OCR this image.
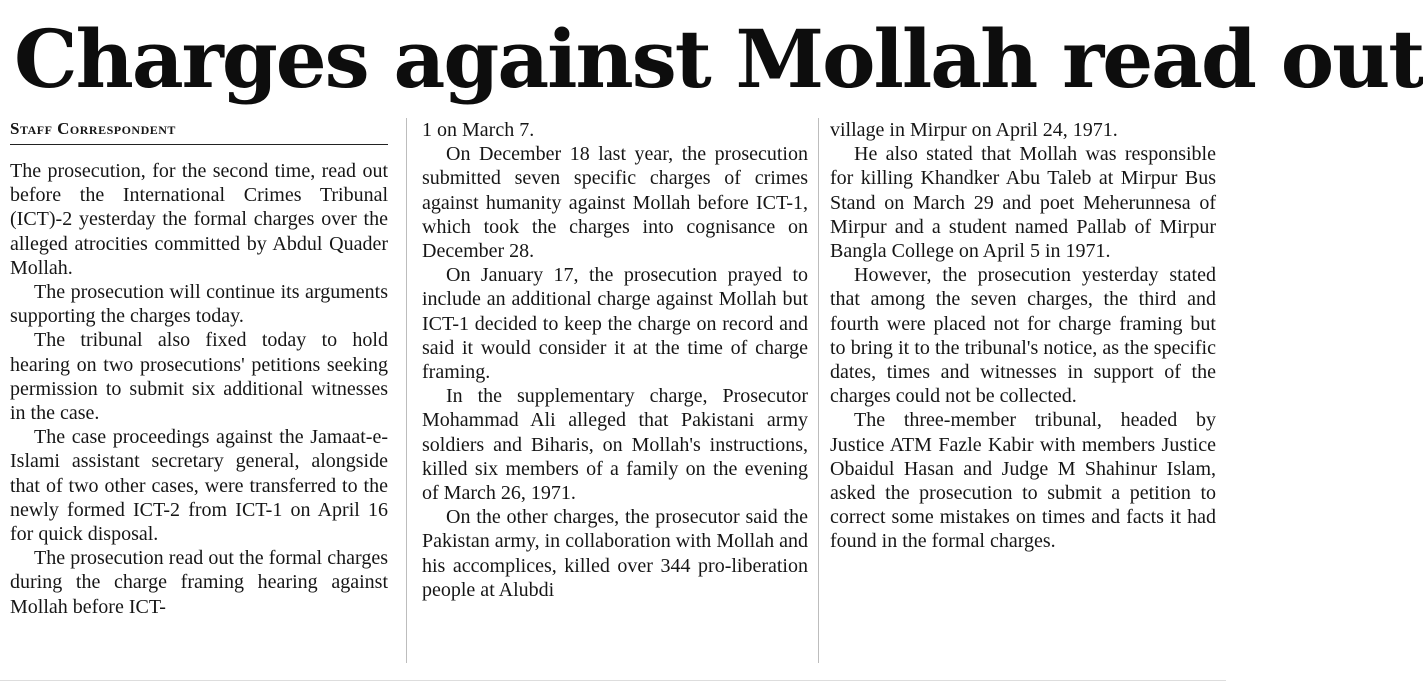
Charges against Mollah read out
Staff Correspondent

The prosecution, for the second time, read out before the International Crimes Tribunal (ICT)-2 yesterday the formal charges over the alleged atrocities committed by Abdul Quader Mollah.

The prosecution will continue its arguments supporting the charges today.

The tribunal also fixed today to hold hearing on two prosecutions' petitions seeking permission to submit six additional witnesses in the case.

The case proceedings against the Jamaat-e-Islami assistant secretary general, alongside that of two other cases, were transferred to the newly formed ICT-2 from ICT-1 on April 16 for quick disposal.

The prosecution read out the formal charges during the charge framing hearing against Mollah before ICT-

1 on March 7.

On December 18 last year, the prosecution submitted seven specific charges of crimes against humanity against Mollah before ICT-1, which took the charges into cognisance on December 28.

On January 17, the prosecution prayed to include an additional charge against Mollah but ICT-1 decided to keep the charge on record and said it would consider it at the time of charge framing.

In the supplementary charge, Prosecutor Mohammad Ali alleged that Pakistani army soldiers and Biharis, on Mollah's instructions, killed six members of a family on the evening of March 26, 1971.

On the other charges, the prosecutor said the Pakistan army, in collaboration with Mollah and his accomplices, killed over 344 pro-liberation people at Alubdi

village in Mirpur on April 24, 1971.

He also stated that Mollah was responsible for killing Khandker Abu Taleb at Mirpur Bus Stand on March 29 and poet Meherunnesa of Mirpur and a student named Pallab of Mirpur Bangla College on April 5 in 1971.

However, the prosecution yesterday stated that among the seven charges, the third and fourth were placed not for charge framing but to bring it to the tribunal's notice, as the specific dates, times and witnesses in support of the charges could not be collected.

The three-member tribunal, headed by Justice ATM Fazle Kabir with members Justice Obaidul Hasan and Judge M Shahinur Islam, asked the prosecution to submit a petition to correct some mistakes on times and facts it had found in the formal charges.
